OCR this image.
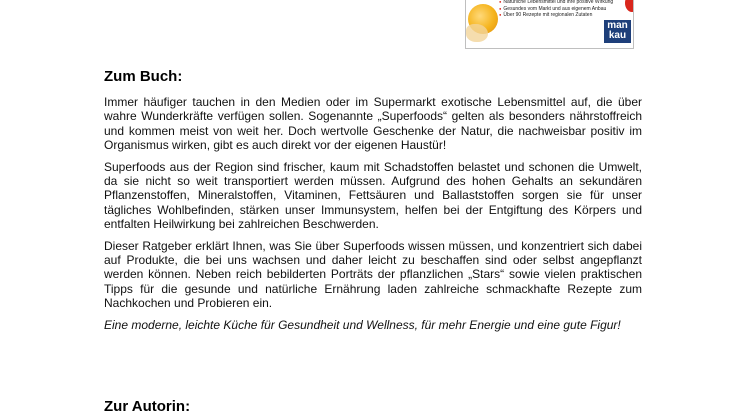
● Natürliche Lebensmittel und ihre positive Wirkung
● Gesundes vom Markt und aus eigenem Anbau
● Über 90 Rezepte mit regionalen Zutaten
man
kau
Zum Buch:

Immer häufiger tauchen in den Medien oder im Supermarkt exotische Lebensmittel auf, die über wahre Wunderkräfte verfügen sollen. Sogenannte „Superfoods“ gelten als besonders nährstoffreich und kommen meist von weit her. Doch wertvolle Geschenke der Natur, die nachweisbar positiv im Organismus wirken, gibt es auch direkt vor der eigenen Haustür!

Superfoods aus der Region sind frischer, kaum mit Schadstoffen belastet und schonen die Umwelt, da sie nicht so weit transportiert werden müssen. Aufgrund des hohen Gehalts an sekundären Pflanzenstoffen, Mineralstoffen, Vitaminen, Fettsäuren und Ballaststoffen sorgen sie für unser tägliches Wohlbefinden, stärken unser Immunsystem, helfen bei der Entgiftung des Körpers und entfalten Heilwirkung bei zahlreichen Beschwerden.

Dieser Ratgeber erklärt Ihnen, was Sie über Superfoods wissen müssen, und konzentriert sich dabei auf Produkte, die bei uns wachsen und daher leicht zu beschaffen sind oder selbst angepflanzt werden können. Neben reich bebilderten Porträts der pflanzlichen „Stars“ sowie vielen praktischen Tipps für die gesunde und natürliche Ernährung laden zahlreiche schmackhafte Rezepte zum Nachkochen und Probieren ein.

Eine moderne, leichte Küche für Gesundheit und Wellness, für mehr Energie und eine gute Figur!

Zur Autorin:
